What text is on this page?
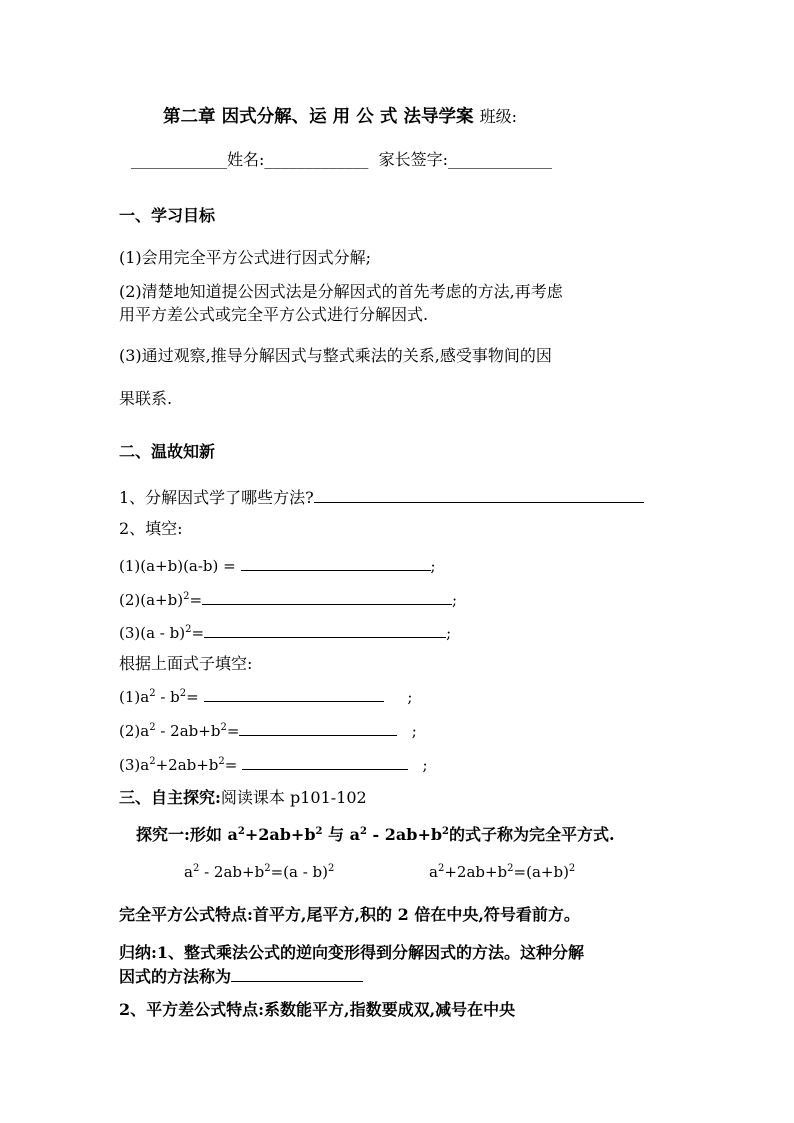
第二章 因式分解、运 用 公 式 法导学案 班级:
____________姓名:_____________ 家长签字:_____________
一、学习目标
(1)会用完全平方公式进行因式分解;
(2)清楚地知道提公因式法是分解因式的首先考虑的方法,再考虑
用平方差公式或完全平方公式进行分解因式.
(3)通过观察,推导分解因式与整式乘法的关系,感受事物间的因
果联系.
二、温故知新
1、分解因式学了哪些方法?
2、填空:
(1)(a+b)(a-b) =	;
$(2)(a+b)^2=$	;
(3)(a - b)$^2$=	;
根据上面式子填空:
$(1)a^2 - b^2=$	;
$(2)a^2 - 2ab+b^2=$	;
$(3)a^2+2ab+b^2=$	;
三、自主探究:阅读课本 p101-102
探究一:形如 $a^2+2ab+b^2$ 与 $a^2 - 2ab+b^2$的式子称为完全平方式.
$a^2 - 2ab+b^2=(a - b)^2$	$a^2+2ab+b^2=(a+b)^2$
完全平方公式特点:首平方,尾平方,积的 2 倍在中央,符号看前方。
归纳:1、整式乘法公式的逆向变形得到分解因式的方法。这种分解
因式的方法称为
2、平方差公式特点:系数能平方,指数要成双,减号在中央
